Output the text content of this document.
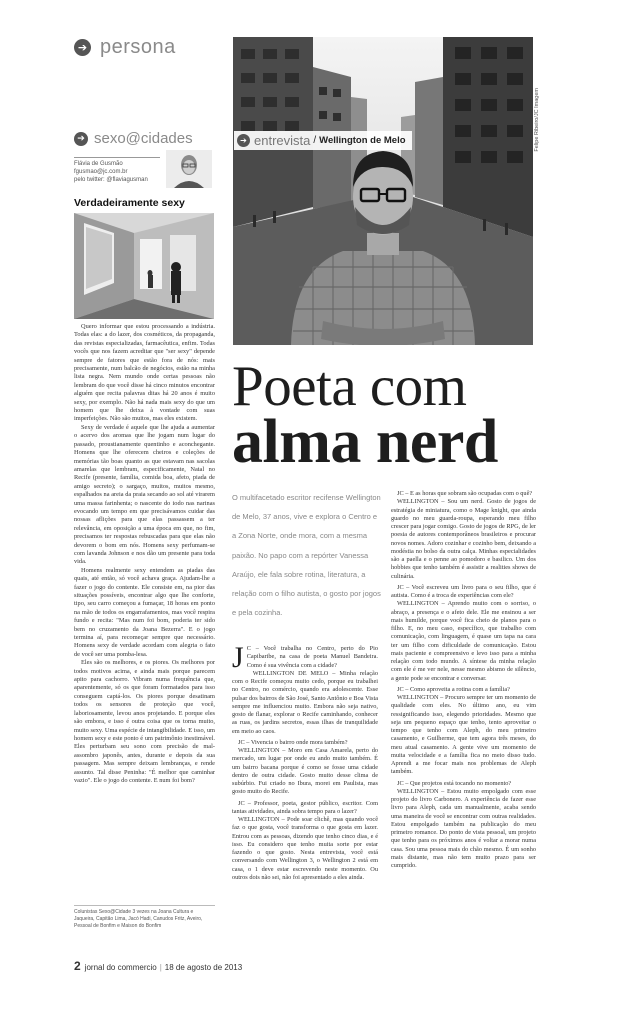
➔ persona
➔ sexo@cidades
Flávia de Gusmão
fgusmao@jc.com.br
pelo twitter: @flaviagusman
Verdadeiramente sexy

Quero informar que estou processando a indústria. Todas elas: a do lazer, dos cosméticos, da propaganda, das revistas especializadas, farmacêutica, enfim. Todas vocês que nos fazem acreditar que "ser sexy" depende sempre de fatores que estão fora de nós: mais precisamente, num balcão de negócios, estão na minha lista negra. Nem mundo onde certas pessoas não lembram do que você disse há cinco minutos encontrar alguém que recita palavras ditas há 20 anos é muito sexy, por exemplo. Não há nada mais sexy do que um homem que lhe deixa à vontade com suas imperfeições. Não são muitos, mas eles existem.

Sexy de verdade é aquele que lhe ajuda a aumentar o acervo dos aromas que lhe jogam num lugar do passado, proustianamente quentinho e aconchegante. Homens que lhe oferecem cheiros e coleções de memórias tão boas quanto as que estavam nas sacolas amarelas que lembram, especificamente, Natal no Recife (presente, família, comida boa, afeto, piada de amigo secreto); o sargaço, muitos, muitos mesmo, espalhados na areia da praia secando ao sol até virarem uma massa farinhenta; o nascente do iodo nas narinas evocando um tempo em que precisávamos cuidar das nossas aflições para que elas passassem a ter relevância, em oposição a uma época em que, no fim, precisamos ter respostas rebuscadas para que elas não devorem o bom em nós. Homens sexy perfumam-se com lavanda Johnson e nos dão um presente para toda vida.

Homens realmente sexy entendem as piadas das quais, até então, só você achava graça. Ajudam-lhe a fazer o jogo do contente. Ele consiste em, na pior das situações possíveis, encontrar algo que lhe conforte, tipo, seu carro começou a fumaçar, 18 horas em ponto na mão de todos os engarrafamentos, mas você respira fundo e recita: "Mas num foi bom, poderia ter sido bem no cruzamento da Joana Bezerra". E o jogo termina aí, para recomeçar sempre que necessário. Homens sexy de verdade acordam com alegria o fato de você ser uma pomba-lesa.

Eles são os melhores, e os piores. Os melhores por todos motivos acima, e ainda mais porque parecem apito para cachorro. Vibram numa frequência que, aparentemente, só os que foram formatados para isso conseguem captá-los. Os piores porque desatinam todos os sensores de proteção que você, laboriosamente, levou anos projetando. E porque eles são embora, e isso é outra coisa que os torna muito, muito sexy. Uma espécie de intangibilidade. E isso, um homem sexy e este ponto é um patrimônio inestimável. Eles perturbam seu sono com precisão de mal-assombro japonês, antes, durante e depois da sua passagem. Mas sempre deixam lembranças, e rende assunto. Tal disse Peninha: "É melhor que caminhar vazio". Ele o jogo do contente. E num foi bom?

Colunistas Sexo@Cidade 3 vezes na Joana Cultura e Jaqueira, Capitão Lima, Jacó Hadi, Canudos Fritz, Aveiro, Pessoal de Bonfim e Maison do Bonfim
Felipe Ribeiro/JC Imagem
➔ entrevista / Wellington de Melo
Poeta com
alma nerd
O multifacetado escritor recifense Wellington de Melo, 37 anos, vive e explora o Centro e a Zona Norte, onde mora, com a mesma paixão. No papo com a repórter Vanessa Araújo, ele fala sobre rotina, literatura, a relação com o filho autista, o gosto por jogos e pela cozinha.

J C – Você trabalha no Centro, perto do Pio Capibaribe, na casa de poeta Manuel Bandeira. Como é sua vivência com a cidade?

WELLINGTON DE MELO – Minha relação com o Recife começou muito cedo, porque eu trabalhei no Centro, no comércio, quando era adolescente. Esse pulsar dos bairros de São José, Santo Antônio e Boa Vista sempre me influenciou muito. Embora não seja nativo, gosto de flanar, explorar o Recife caminhando, conhecer as ruas, os jardins secretos, essas ilhas de tranquilidade em meio ao caos.

JC – Vivencia o bairro onde mora também?

WELLINGTON – Moro em Casa Amarela, perto do mercado, um lugar por onde eu ando muito também. É um bairro bacana porque é como se fosse uma cidade dentro de outra cidade. Gosto muito desse clima de subúrbio. Fui criado no Ibura, morei em Paulista, mas gosto muito do Recife.

JC – Professor, poeta, gestor público, escritor. Com tantas atividades, ainda sobra tempo para o lazer?

WELLINGTON – Pode soar clichê, mas quando você faz o que gosta, você transforma o que gosta em lazer. Entrou com as pessoas, dizendo que tenho cinco dias, e é isso. Eu considero que tenho muita sorte por estar fazendo o que gosto. Nesta entrevista, você está conversando com Wellington 3, o Wellington 2 está em casa, o 1 deve estar escrevendo neste momento. Ou outros dois não sei, não foi apresentado a eles ainda.

JC – E as horas que sobram são ocupadas com o quê?

WELLINGTON – Sou um nerd. Gosto de jogos de estratégia de miniatura, como o Mage knight, que ainda guardo no meu guarda-roupa, esperando meu filho crescer para jogar comigo. Gosto de jogos de RPG, de ler poesia de autores contemporâneos brasileiros e procurar novos nomes. Adoro cozinhar e cozinho bem, deixando a modéstia no bolso da outra calça. Minhas especialidades são a paella e o penne ao pomodoro e basilico. Um dos hobbies que tenho também é assistir a realities shows de culinária.

JC – Você escreveu um livro para o seu filho, que é autista. Como é a troca de experiências com ele?

WELLINGTON – Aprendo muito com o sorriso, o abraço, a presença e o afeto dele. Ele me ensinou a ser mais humilde, porque você fica cheio de planos para o filho. E, no meu caso, específico, que trabalho com comunicação, com linguagem, é quase um tapa na cara ter um filho com dificuldade de comunicação. Estou mais paciente e compreensivo e levo isso para a minha relação com todo mundo. A síntese da minha relação com ele é me ver nele, nesse mesmo abismo de silêncio, a gente pode se encontrar e conversar.

JC – Como aproveita a rotina com a família?

WELLINGTON – Procuro sempre ter um momento de qualidade com eles. No último ano, eu vim ressignificando isso, elegendo prioridades. Mesmo que seja um pequeno espaço que tenho, tento aproveitar o tempo que tenho com Aleph, do meu primeiro casamento, e Guilherme, que tem agora três meses, do meu atual casamento. A gente vive um momento de muita velocidade e a família fica no meio disso tudo. Aprendi a me focar mais nos problemas de Aleph também.

JC – Que projetos está tocando no momento?

WELLINGTON – Estou muito empolgado com esse projeto do livro Carbonero. A experiência de fazer esse livro para Aleph, cada um manualmente, acaba sendo uma maneira de você se encontrar com outras realidades. Estou empolgado também na publicação do meu primeiro romance. Do ponto de vista pessoal, um projeto que tenho para os próximos anos é voltar a morar numa casa. Sou uma pessoa mais do chão mesmo. É um sonho mais distante, mas não tem muito prazo para ser cumprido.

2 jornal do commercio | 18 de agosto de 2013
